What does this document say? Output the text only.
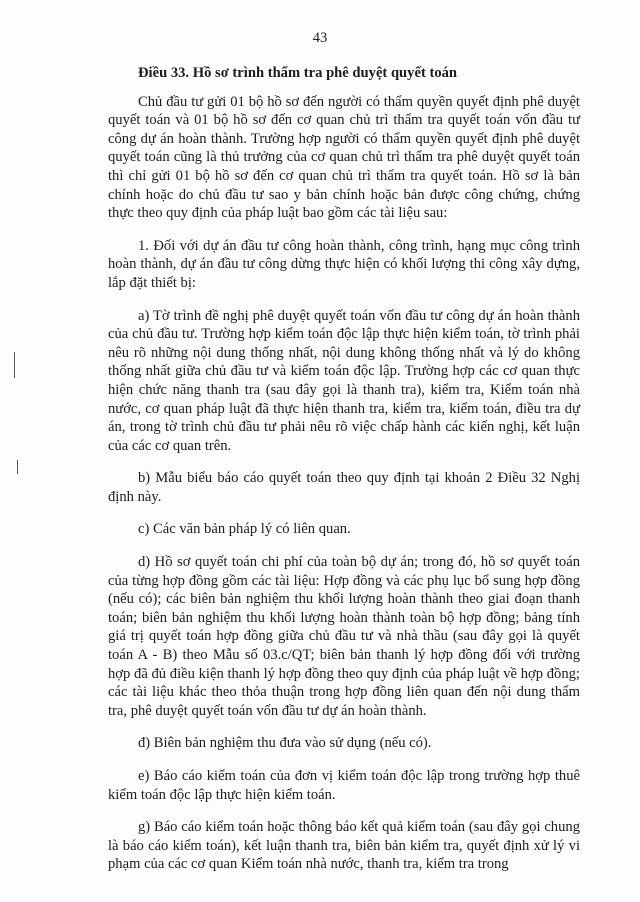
43
Điều 33. Hồ sơ trình thẩm tra phê duyệt quyết toán

Chủ đầu tư gửi 01 bộ hồ sơ đến người có thẩm quyền quyết định phê duyệt quyết toán và 01 bộ hồ sơ đến cơ quan chủ trì thẩm tra quyết toán vốn đầu tư công dự án hoàn thành. Trường hợp người có thẩm quyền quyết định phê duyệt quyết toán cũng là thủ trưởng của cơ quan chủ trì thẩm tra phê duyệt quyết toán thì chỉ gửi 01 bộ hồ sơ đến cơ quan chủ trì thẩm tra quyết toán. Hồ sơ là bản chính hoặc do chủ đầu tư sao y bản chính hoặc bản được công chứng, chứng thực theo quy định của pháp luật bao gồm các tài liệu sau:

1. Đối với dự án đầu tư công hoàn thành, công trình, hạng mục công trình hoàn thành, dự án đầu tư công dừng thực hiện có khối lượng thi công xây dựng, lắp đặt thiết bị:

a) Tờ trình đề nghị phê duyệt quyết toán vốn đầu tư công dự án hoàn thành của chủ đầu tư. Trường hợp kiểm toán độc lập thực hiện kiểm toán, tờ trình phải nêu rõ những nội dung thống nhất, nội dung không thống nhất và lý do không thống nhất giữa chủ đầu tư và kiểm toán độc lập. Trường hợp các cơ quan thực hiện chức năng thanh tra (sau đây gọi là thanh tra), kiểm tra, Kiểm toán nhà nước, cơ quan pháp luật đã thực hiện thanh tra, kiểm tra, kiểm toán, điều tra dự án, trong tờ trình chủ đầu tư phải nêu rõ việc chấp hành các kiến nghị, kết luận của các cơ quan trên.

b) Mẫu biểu báo cáo quyết toán theo quy định tại khoản 2 Điều 32 Nghị định này.

c) Các văn bản pháp lý có liên quan.

d) Hồ sơ quyết toán chi phí của toàn bộ dự án; trong đó, hồ sơ quyết toán của từng hợp đồng gồm các tài liệu: Hợp đồng và các phụ lục bổ sung hợp đồng (nếu có); các biên bản nghiệm thu khối lượng hoàn thành theo giai đoạn thanh toán; biên bản nghiệm thu khối lượng hoàn thành toàn bộ hợp đồng; bảng tính giá trị quyết toán hợp đồng giữa chủ đầu tư và nhà thầu (sau đây gọi là quyết toán A - B) theo Mẫu số 03.c/QT; biên bản thanh lý hợp đồng đối với trường hợp đã đủ điều kiện thanh lý hợp đồng theo quy định của pháp luật về hợp đồng; các tài liệu khác theo thỏa thuận trong hợp đồng liên quan đến nội dung thẩm tra, phê duyệt quyết toán vốn đầu tư dự án hoàn thành.

đ) Biên bản nghiệm thu đưa vào sử dụng (nếu có).

e) Báo cáo kiểm toán của đơn vị kiểm toán độc lập trong trường hợp thuê kiểm toán độc lập thực hiện kiểm toán.

g) Báo cáo kiểm toán hoặc thông báo kết quả kiểm toán (sau đây gọi chung là báo cáo kiểm toán), kết luận thanh tra, biên bản kiểm tra, quyết định xử lý vi phạm của các cơ quan Kiểm toán nhà nước, thanh tra, kiểm tra trong
